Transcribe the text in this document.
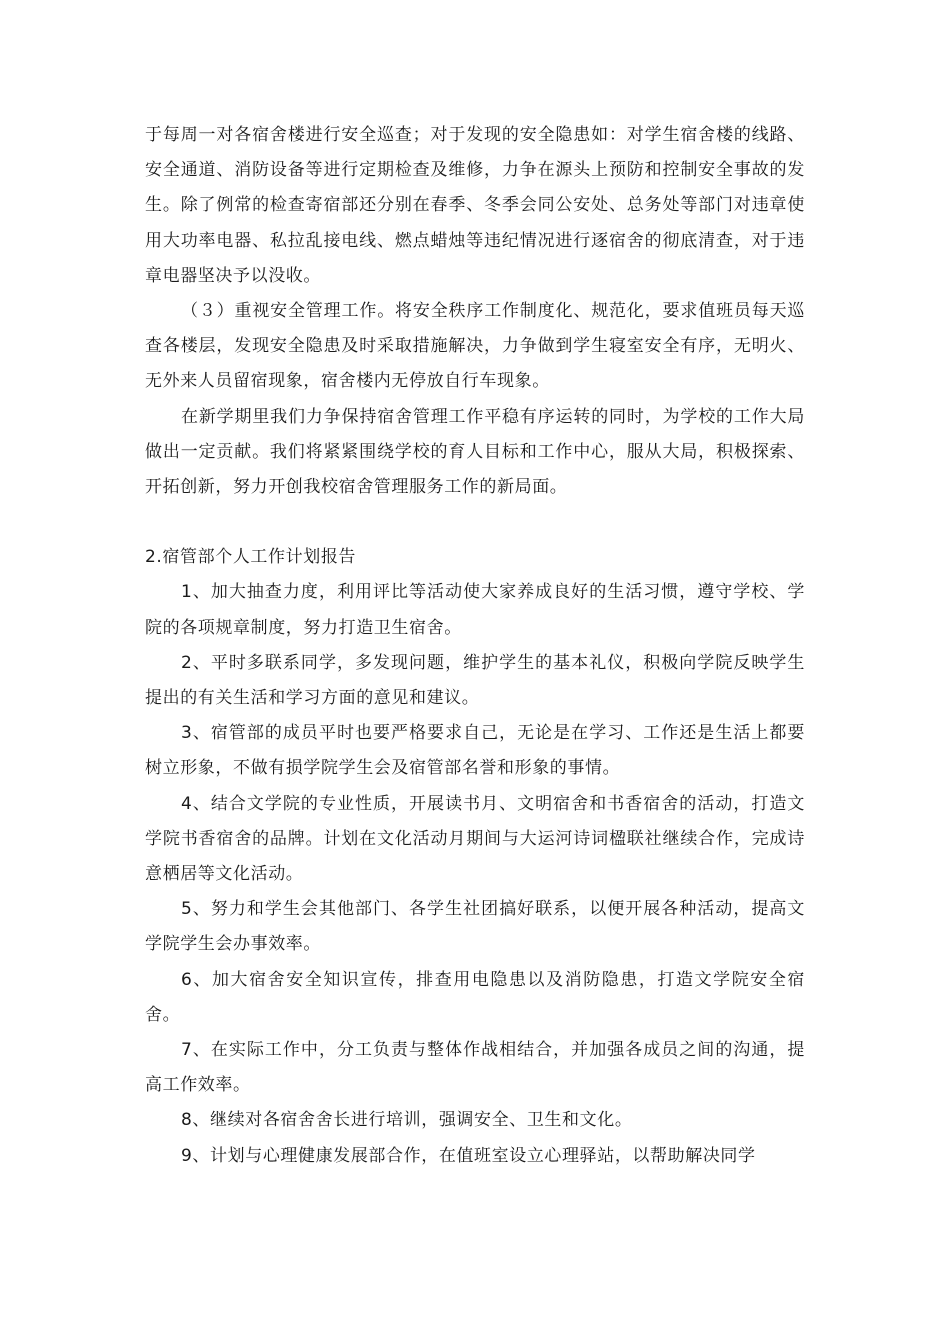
于每周一对各宿舍楼进行安全巡查；对于发现的安全隐患如：对学生宿舍楼的线路、安全通道、消防设备等进行定期检查及维修，力争在源头上预防和控制安全事故的发生。除了例常的检查寄宿部还分别在春季、冬季会同公安处、总务处等部门对违章使用大功率电器、私拉乱接电线、燃点蜡烛等违纪情况进行逐宿舍的彻底清查，对于违章电器坚决予以没收。

（３）重视安全管理工作。将安全秩序工作制度化、规范化，要求值班员每天巡查各楼层，发现安全隐患及时采取措施解决，力争做到学生寝室安全有序，无明火、无外来人员留宿现象，宿舍楼内无停放自行车现象。

在新学期里我们力争保持宿舍管理工作平稳有序运转的同时，为学校的工作大局做出一定贡献。我们将紧紧围绕学校的育人目标和工作中心，服从大局，积极探索、开拓创新，努力开创我校宿舍管理服务工作的新局面。

2.宿管部个人工作计划报告

1、加大抽查力度，利用评比等活动使大家养成良好的生活习惯，遵守学校、学院的各项规章制度，努力打造卫生宿舍。

2、平时多联系同学，多发现问题，维护学生的基本礼仪，积极向学院反映学生提出的有关生活和学习方面的意见和建议。

3、宿管部的成员平时也要严格要求自己，无论是在学习、工作还是生活上都要树立形象，不做有损学院学生会及宿管部名誉和形象的事情。

4、结合文学院的专业性质，开展读书月、文明宿舍和书香宿舍的活动，打造文学院书香宿舍的品牌。计划在文化活动月期间与大运河诗词楹联社继续合作，完成诗意栖居等文化活动。

5、努力和学生会其他部门、各学生社团搞好联系，以便开展各种活动，提高文学院学生会办事效率。

6、加大宿舍安全知识宣传，排查用电隐患以及消防隐患，打造文学院安全宿舍。

7、在实际工作中，分工负责与整体作战相结合，并加强各成员之间的沟通，提高工作效率。

8、继续对各宿舍舍长进行培训，强调安全、卫生和文化。

9、计划与心理健康发展部合作，在值班室设立心理驿站，以帮助解决同学
